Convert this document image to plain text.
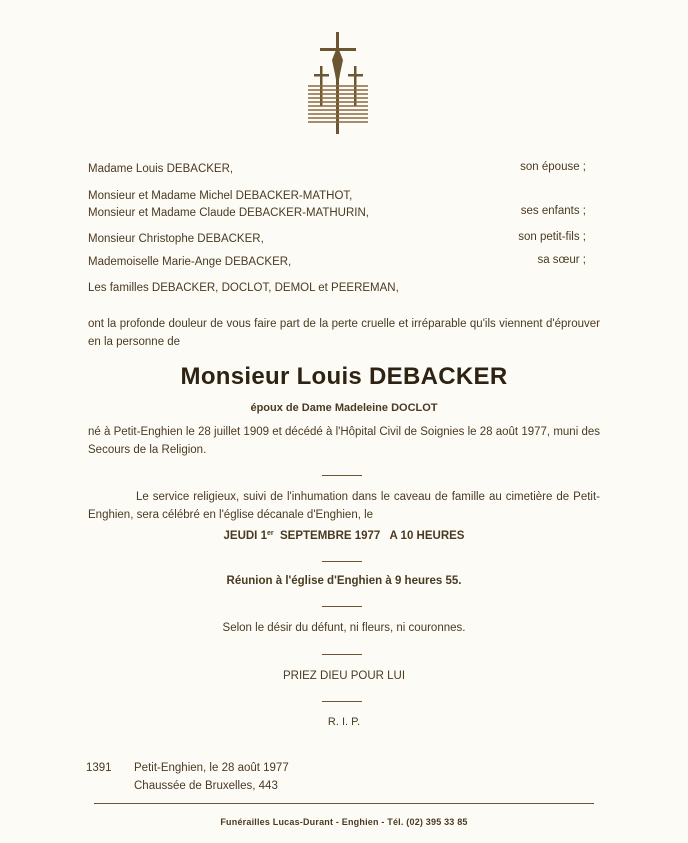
Madame Louis DEBACKER,	son épouse ;
Monsieur et Madame Michel DEBACKER-MATHOT,
Monsieur et Madame Claude DEBACKER-MATHURIN,	ses enfants ;
Monsieur Christophe DEBACKER,	son petit-fils ;
Mademoiselle Marie-Ange DEBACKER,	sa sœur ;
Les familles DEBACKER, DOCLOT, DEMOL et PEEREMAN,
ont la profonde douleur de vous faire part de la perte cruelle et irréparable qu'ils viennent d'éprouver en la personne de
Monsieur Louis DEBACKER
époux de Dame Madeleine DOCLOT
né à Petit-Enghien le 28 juillet 1909 et décédé à l'Hôpital Civil de Soignies le 28 août 1977, muni des Secours de la Religion.
Le service religieux, suivi de l'inhumation dans le caveau de famille au cimetière de Petit-Enghien, sera célébré en l'église décanale d'Enghien, le
JEUDI 1er SEPTEMBRE 1977   A 10 HEURES
Réunion à l'église d'Enghien à 9 heures 55.
Selon le désir du défunt, ni fleurs, ni couronnes.
PRIEZ DIEU POUR LUI
R. I. P.
1391 Petit-Enghien, le 28 août 1977
Chaussée de Bruxelles, 443
Funérailles Lucas-Durant - Enghien - Tél. (02) 395 33 85
